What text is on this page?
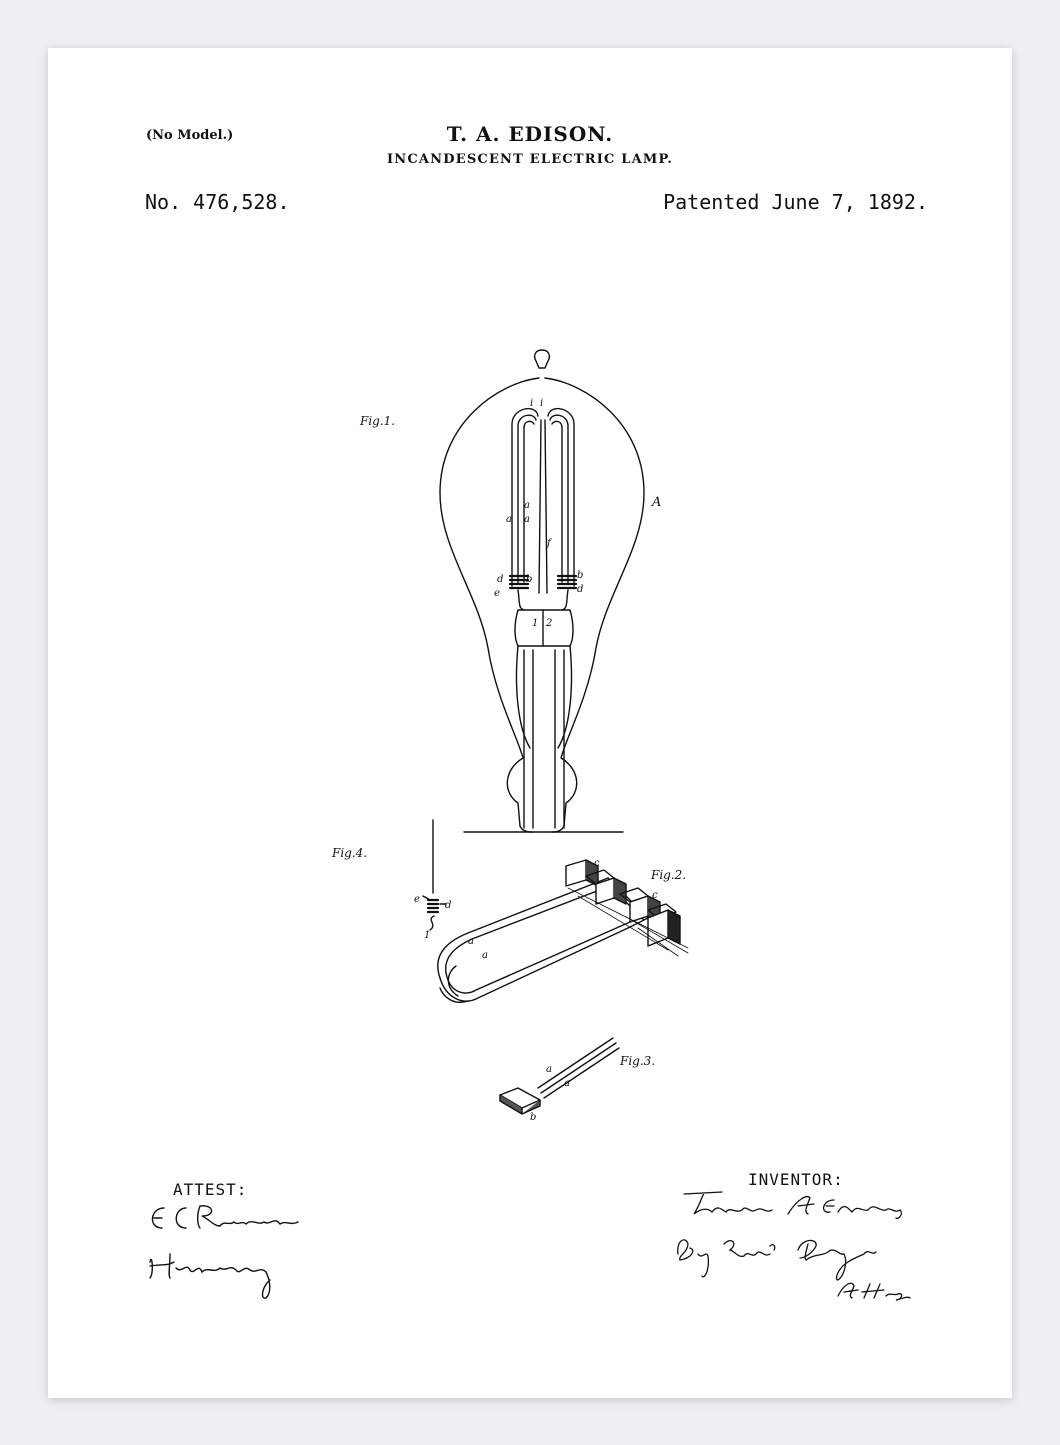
(No Model.)	T. A. EDISON.
INCANDESCENT ELECTRIC LAMP.
No. 476,528.	Patented June 7, 1892.
i i
a
a a
f
d b
e
b
d
1 2
A
e
d
1
c
c
a
a
a
a
b
Fig.1.
Fig.4.
Fig.2.
Fig.3.
ATTEST:
INVENTOR:
